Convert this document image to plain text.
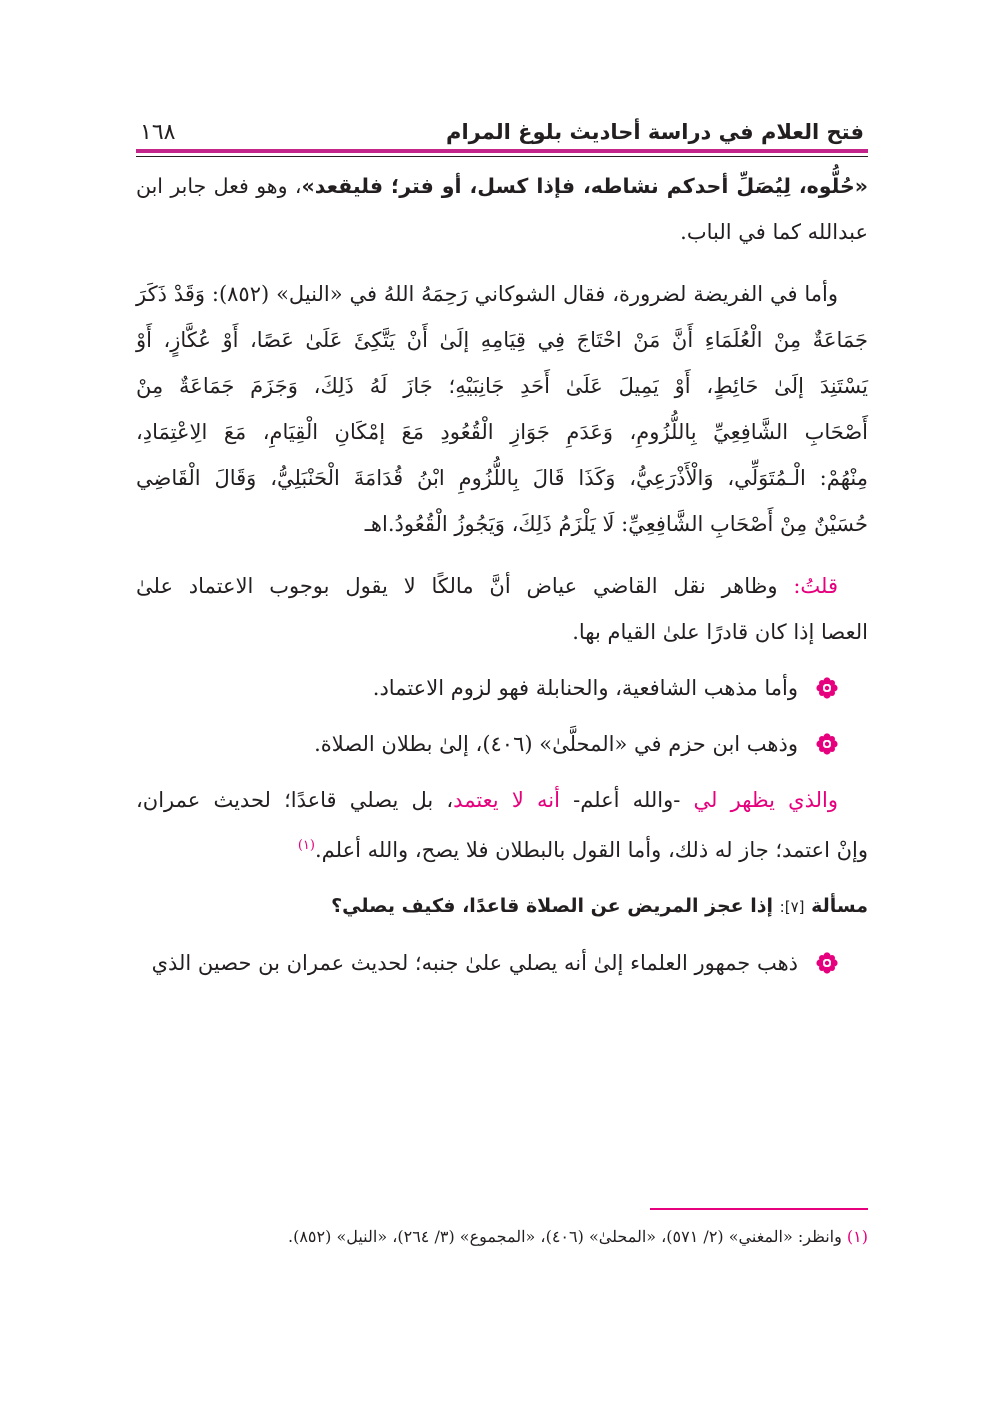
فتح العلام في دراسة أحاديث بلوغ المرام
١٦٨
«حُلُّوه، لِيُصَلِّ أحدكم نشاطه، فإذا كسل، أو فتر؛ فليقعد»، وهو فعل جابر ابن
عبدالله كما في الباب.
وأما في الفريضة لضرورة، فقال الشوكاني رَحِمَهُ اللهُ في «النيل» (٨٥٢): وَقَدْ ذَكَرَ
جَمَاعَةٌ مِنْ الْعُلَمَاءِ أَنَّ مَنْ احْتَاجَ فِي قِيَامِهِ إلَىٰ أَنْ يَتَّكِئَ عَلَىٰ عَصًا، أَوْ عُكَّازٍ، أَوْ
يَسْتَنِدَ إلَىٰ حَائِطٍ، أَوْ يَمِيلَ عَلَىٰ أَحَدِ جَانِبَيْهِ؛ جَازَ لَهُ ذَلِكَ، وَجَزَمَ جَمَاعَةٌ مِنْ
أَصْحَابِ الشَّافِعِيِّ بِاللُّزُومِ، وَعَدَمِ جَوَازِ الْقُعُودِ مَعَ إمْكَانِ الْقِيَامِ، مَعَ الِاعْتِمَادِ،
مِنْهُمْ: الْـمُتَوَلِّي، وَالْأَذْرَعِيُّ، وَكَذَا قَالَ بِاللُّزُومِ ابْنُ قُدَامَةَ الْحَنْبَلِيُّ، وَقَالَ الْقَاضِي
حُسَيْنٌ مِنْ أَصْحَابِ الشَّافِعِيِّ: لَا يَلْزَمُ ذَلِكَ، وَيَجُوزُ الْقُعُودُ.اهـ
قلتُ: وظاهر نقل القاضي عياض أنَّ مالكًا لا يقول بوجوب الاعتماد علىٰ
العصا إذا كان قادرًا علىٰ القيام بها.
وأما مذهب الشافعية، والحنابلة فهو لزوم الاعتماد.
وذهب ابن حزم في «المحلَّىٰ» (٤٠٦)، إلىٰ بطلان الصلاة.
والذي يظهر لي -والله أعلم- أنه لا يعتمد، بل يصلي قاعدًا؛ لحديث عمران،
وإنْ اعتمد؛ جاز له ذلك، وأما القول بالبطلان فلا يصح، والله أعلم.$^{(١)}$
مسألة [٧]: إذا عجز المريض عن الصلاة قاعدًا، فكيف يصلي؟
ذهب جمهور العلماء إلىٰ أنه يصلي علىٰ جنبه؛ لحديث عمران بن حصين الذي
(١) وانظر: «المغني» (٢/ ٥٧١)، «المحلىٰ» (٤٠٦)، «المجموع» (٣/ ٢٦٤)، «النيل» (٨٥٢).
